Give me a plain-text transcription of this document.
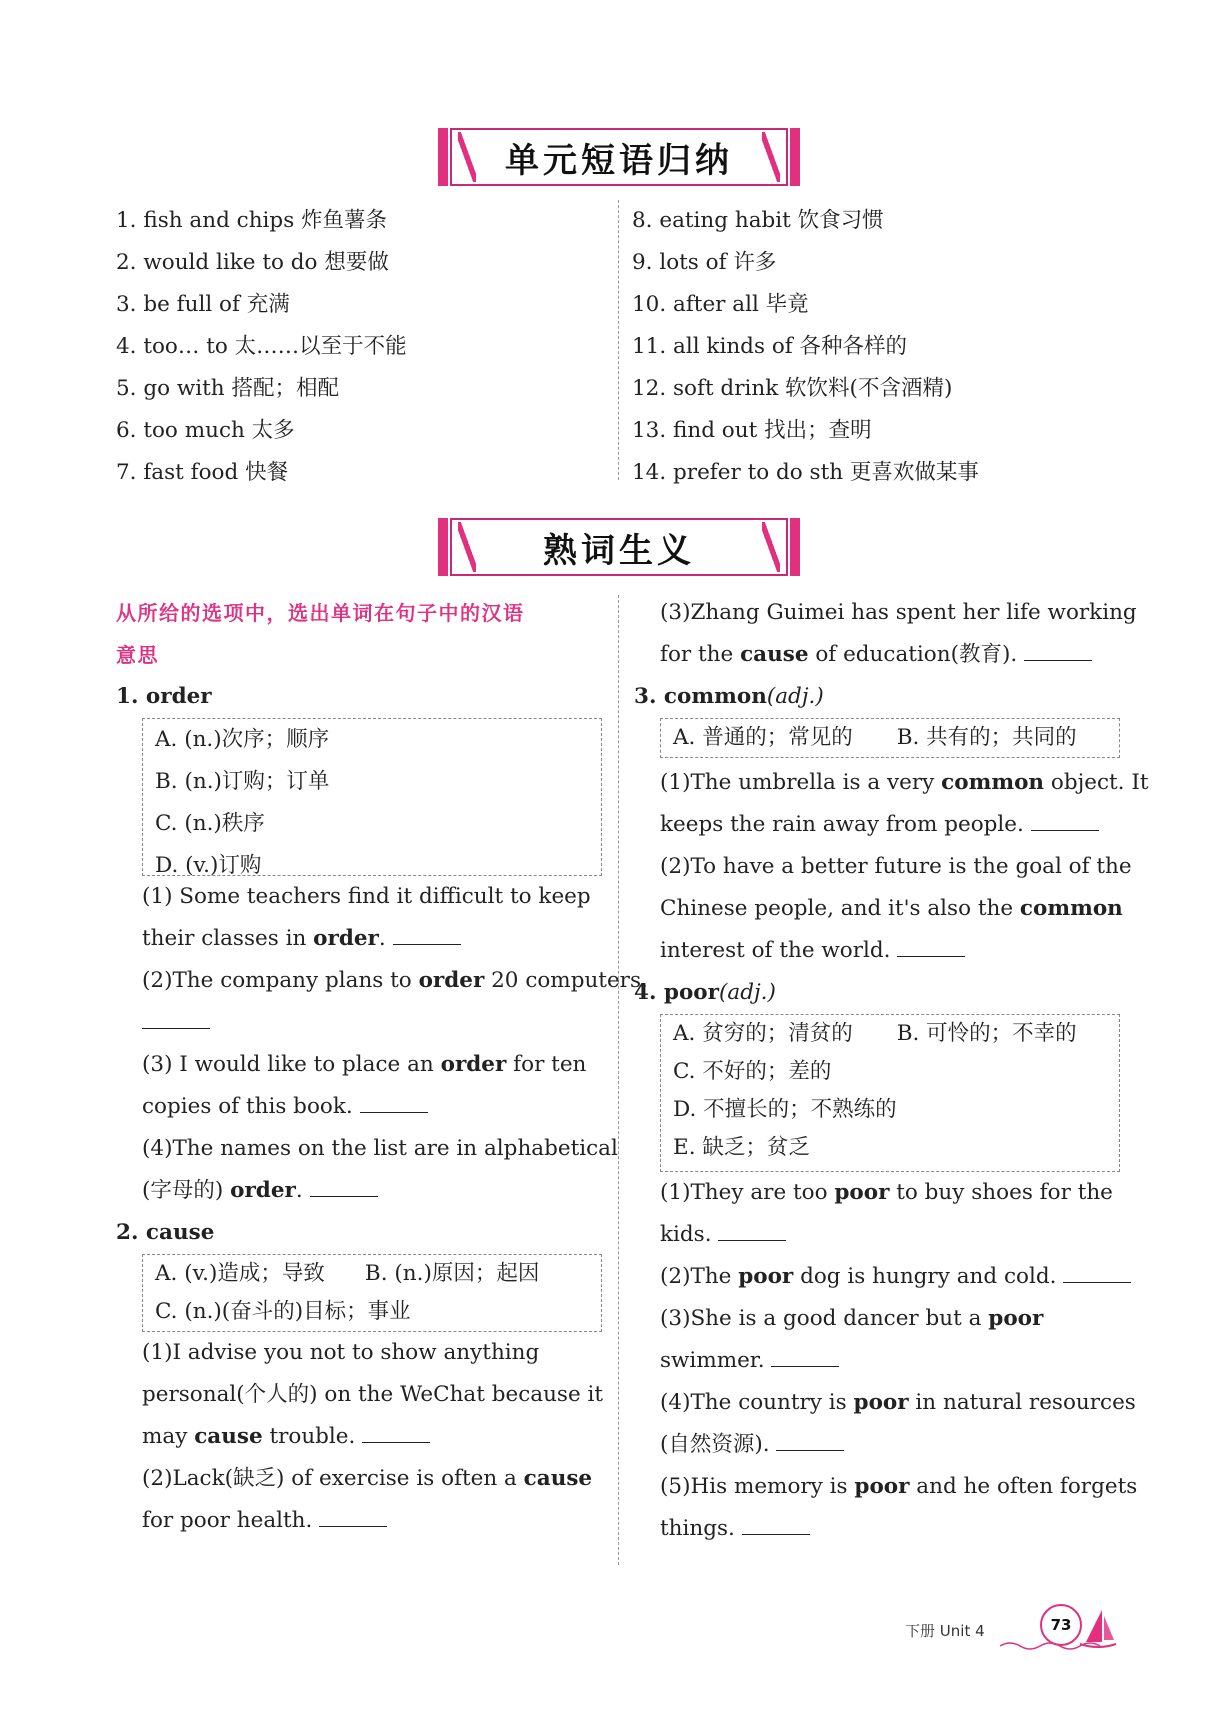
单元短语归纳
1. fish and chips 炸鱼薯条
2. would like to do 想要做
3. be full of 充满
4. too… to 太……以至于不能
5. go with 搭配；相配
6. too much 太多
7. fast food 快餐
8. eating habit 饮食习惯
9. lots of 许多
10. after all 毕竟
11. all kinds of 各种各样的
12. soft drink 软饮料(不含酒精)
13. find out 找出；查明
14. prefer to do sth 更喜欢做某事
熟词生义
从所给的选项中，选出单词在句子中的汉语
意思
1. order
A. (n.)次序；顺序
B. (n.)订购；订单
C. (n.)秩序
D. (v.)订购
(1) Some teachers find it difficult to keep
their classes in order.
(2)The company plans to order 20 computers.
(3) I would like to place an order for ten
copies of this book.
(4)The names on the list are in alphabetical
(字母的) order.
2. cause
A. (v.)造成；导致 B. (n.)原因；起因
C. (n.)(奋斗的)目标；事业
(1)I advise you not to show anything
personal(个人的) on the WeChat because it
may cause trouble.
(2)Lack(缺乏) of exercise is often a cause
for poor health.
(3)Zhang Guimei has spent her life working
for the cause of education(教育).
3. common(adj.)
A. 普通的；常见的 B. 共有的；共同的
(1)The umbrella is a very common object. It
keeps the rain away from people.
(2)To have a better future is the goal of the
Chinese people, and it's also the common
interest of the world.
4. poor(adj.)
A. 贫穷的；清贫的 B. 可怜的；不幸的
C. 不好的；差的
D. 不擅长的；不熟练的
E. 缺乏；贫乏
(1)They are too poor to buy shoes for the
kids.
(2)The poor dog is hungry and cold.
(3)She is a good dancer but a poor
swimmer.
(4)The country is poor in natural resources
(自然资源).
(5)His memory is poor and he often forgets
things.
下册 Unit 4	73
